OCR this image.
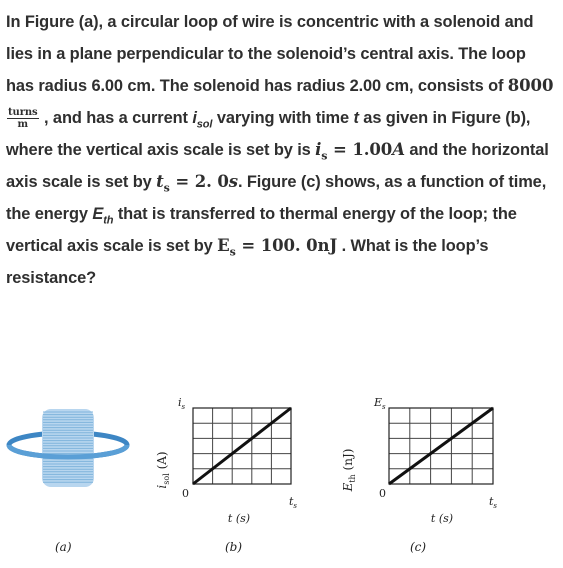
In Figure (a), a circular loop of wire is concentric with a solenoid and lies in a plane perpendicular to the solenoid’s central axis. The loop has radius 6.00 cm. The solenoid has radius 2.00 cm, consists of 8000
$\frac{\text{turns}}{m}$ , and has a current $i_{sol}$ varying with time t as given in Figure (b), where the vertical axis scale is set by is $i_s = 1.00A$ and the horizontal axis scale is set by $t_s = 2$. 0s. Figure (c) shows, as a function of time, the energy $E_{th}$ that is transferred to thermal energy of the loop; the vertical axis scale is set by $E_s = 100$. 0nJ . What is the loop’s resistance?
(a)
$i_{sol}$ (A)
$i_s$
0
t (s)
$t_s$
(b)
$E_{th}$ (nJ)
$E_s$
0
t (s)
$t_s$
(c)
